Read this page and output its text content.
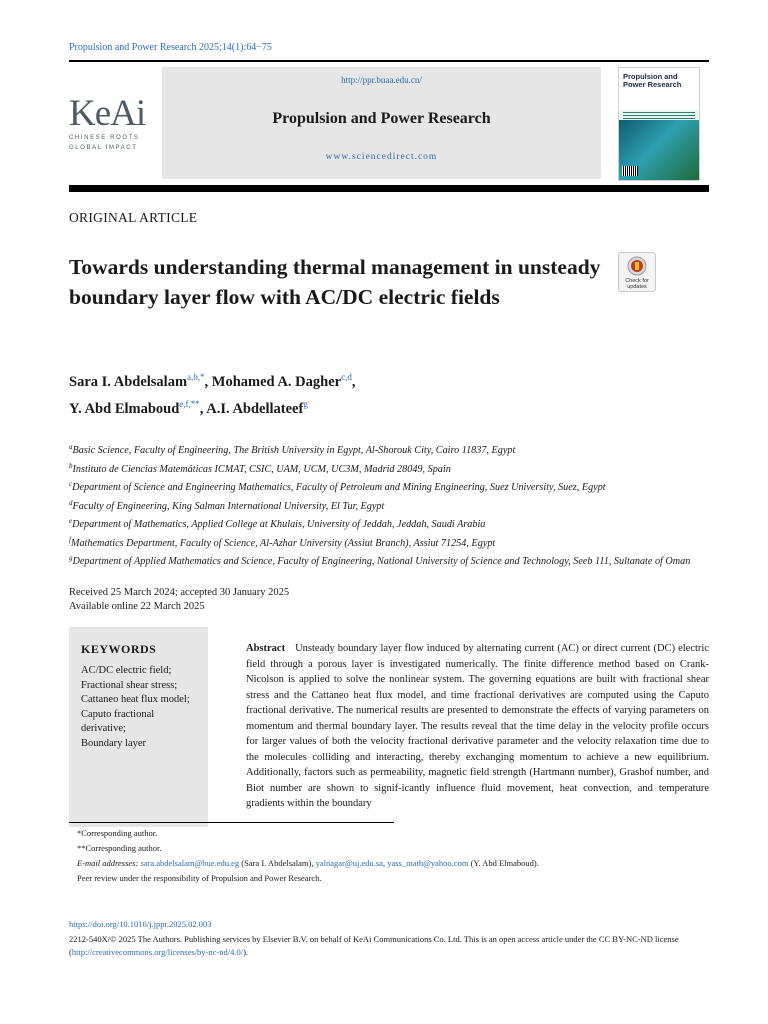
Propulsion and Power Research 2025;14(1):64−75
KeAi
CHINESE ROOTS
GLOBAL IMPACT
http://ppr.buaa.edu.cn/
Propulsion and Power Research
www.sciencedirect.com
Propulsion and Power Research
ORIGINAL ARTICLE
Towards understanding thermal management in unsteady boundary layer flow with AC/DC electric fields
Check for updates
Sara I. Abdelsalam$^{a,b,*}$, Mohamed A. Dagher$^{c,d}$,
Y. Abd Elmaboud$^{e,f,**}$, A.I. Abdellateef$^g$

$^a$Basic Science, Faculty of Engineering, The British University in Egypt, Al-Shorouk City, Cairo 11837, Egypt

$^b$Instituto de Ciencias Matemáticas ICMAT, CSIC, UAM, UCM, UC3M, Madrid 28049, Spain

$^c$Department of Science and Engineering Mathematics, Faculty of Petroleum and Mining Engineering, Suez University, Suez, Egypt

$^d$Faculty of Engineering, King Salman International University, El Tur, Egypt

$^e$Department of Mathematics, Applied College at Khulais, University of Jeddah, Jeddah, Saudi Arabia

$^f$Mathematics Department, Faculty of Science, Al-Azhar University (Assiut Branch), Assiut 71254, Egypt

$^g$Department of Applied Mathematics and Science, Faculty of Engineering, National University of Science and Technology, Seeb 111, Sultanate of Oman

Received 25 March 2024; accepted 30 January 2025

Available online 22 March 2025

KEYWORDS
AC/DC electric field;
Fractional shear stress;
Cattaneo heat flux model;
Caputo fractional derivative;
Boundary layer
Abstract Unsteady boundary layer flow induced by alternating current (AC) or direct current (DC) electric field through a porous layer is investigated numerically. The finite difference method based on Crank-Nicolson is applied to solve the nonlinear system. The governing equations are built with fractional shear stress and the Cattaneo heat flux model, and time fractional derivatives are computed using the Caputo fractional derivative. The numerical results are presented to demonstrate the effects of varying parameters on momentum and thermal boundary layer. The results reveal that the time delay in the velocity profile occurs for larger values of both the velocity fractional derivative parameter and the velocity relaxation time due to the molecules colliding and interacting, thereby exchanging momentum to achieve a new equilibrium. Additionally, factors such as permeability, magnetic field strength (Hartmann number), Grashof number, and Biot number are shown to signif-icantly influence fluid movement, heat convection, and temperature gradients within the boundary

*Corresponding author.

**Corresponding author.

E-mail addresses: sara.abdelsalam@bue.edu.eg (Sara I. Abdelsalam), yalnagar@uj.edu.sa, yass_math@yahoo.com (Y. Abd Elmaboud).

Peer review under the responsibility of Propulsion and Power Research.

https://doi.org/10.1016/j.jppr.2025.02.003
2212-540X/© 2025 The Authors. Publishing services by Elsevier B.V. on behalf of KeAi Communications Co. Ltd. This is an open access article under the CC BY-NC-ND license (http://creativecommons.org/licenses/by-nc-nd/4.0/).
